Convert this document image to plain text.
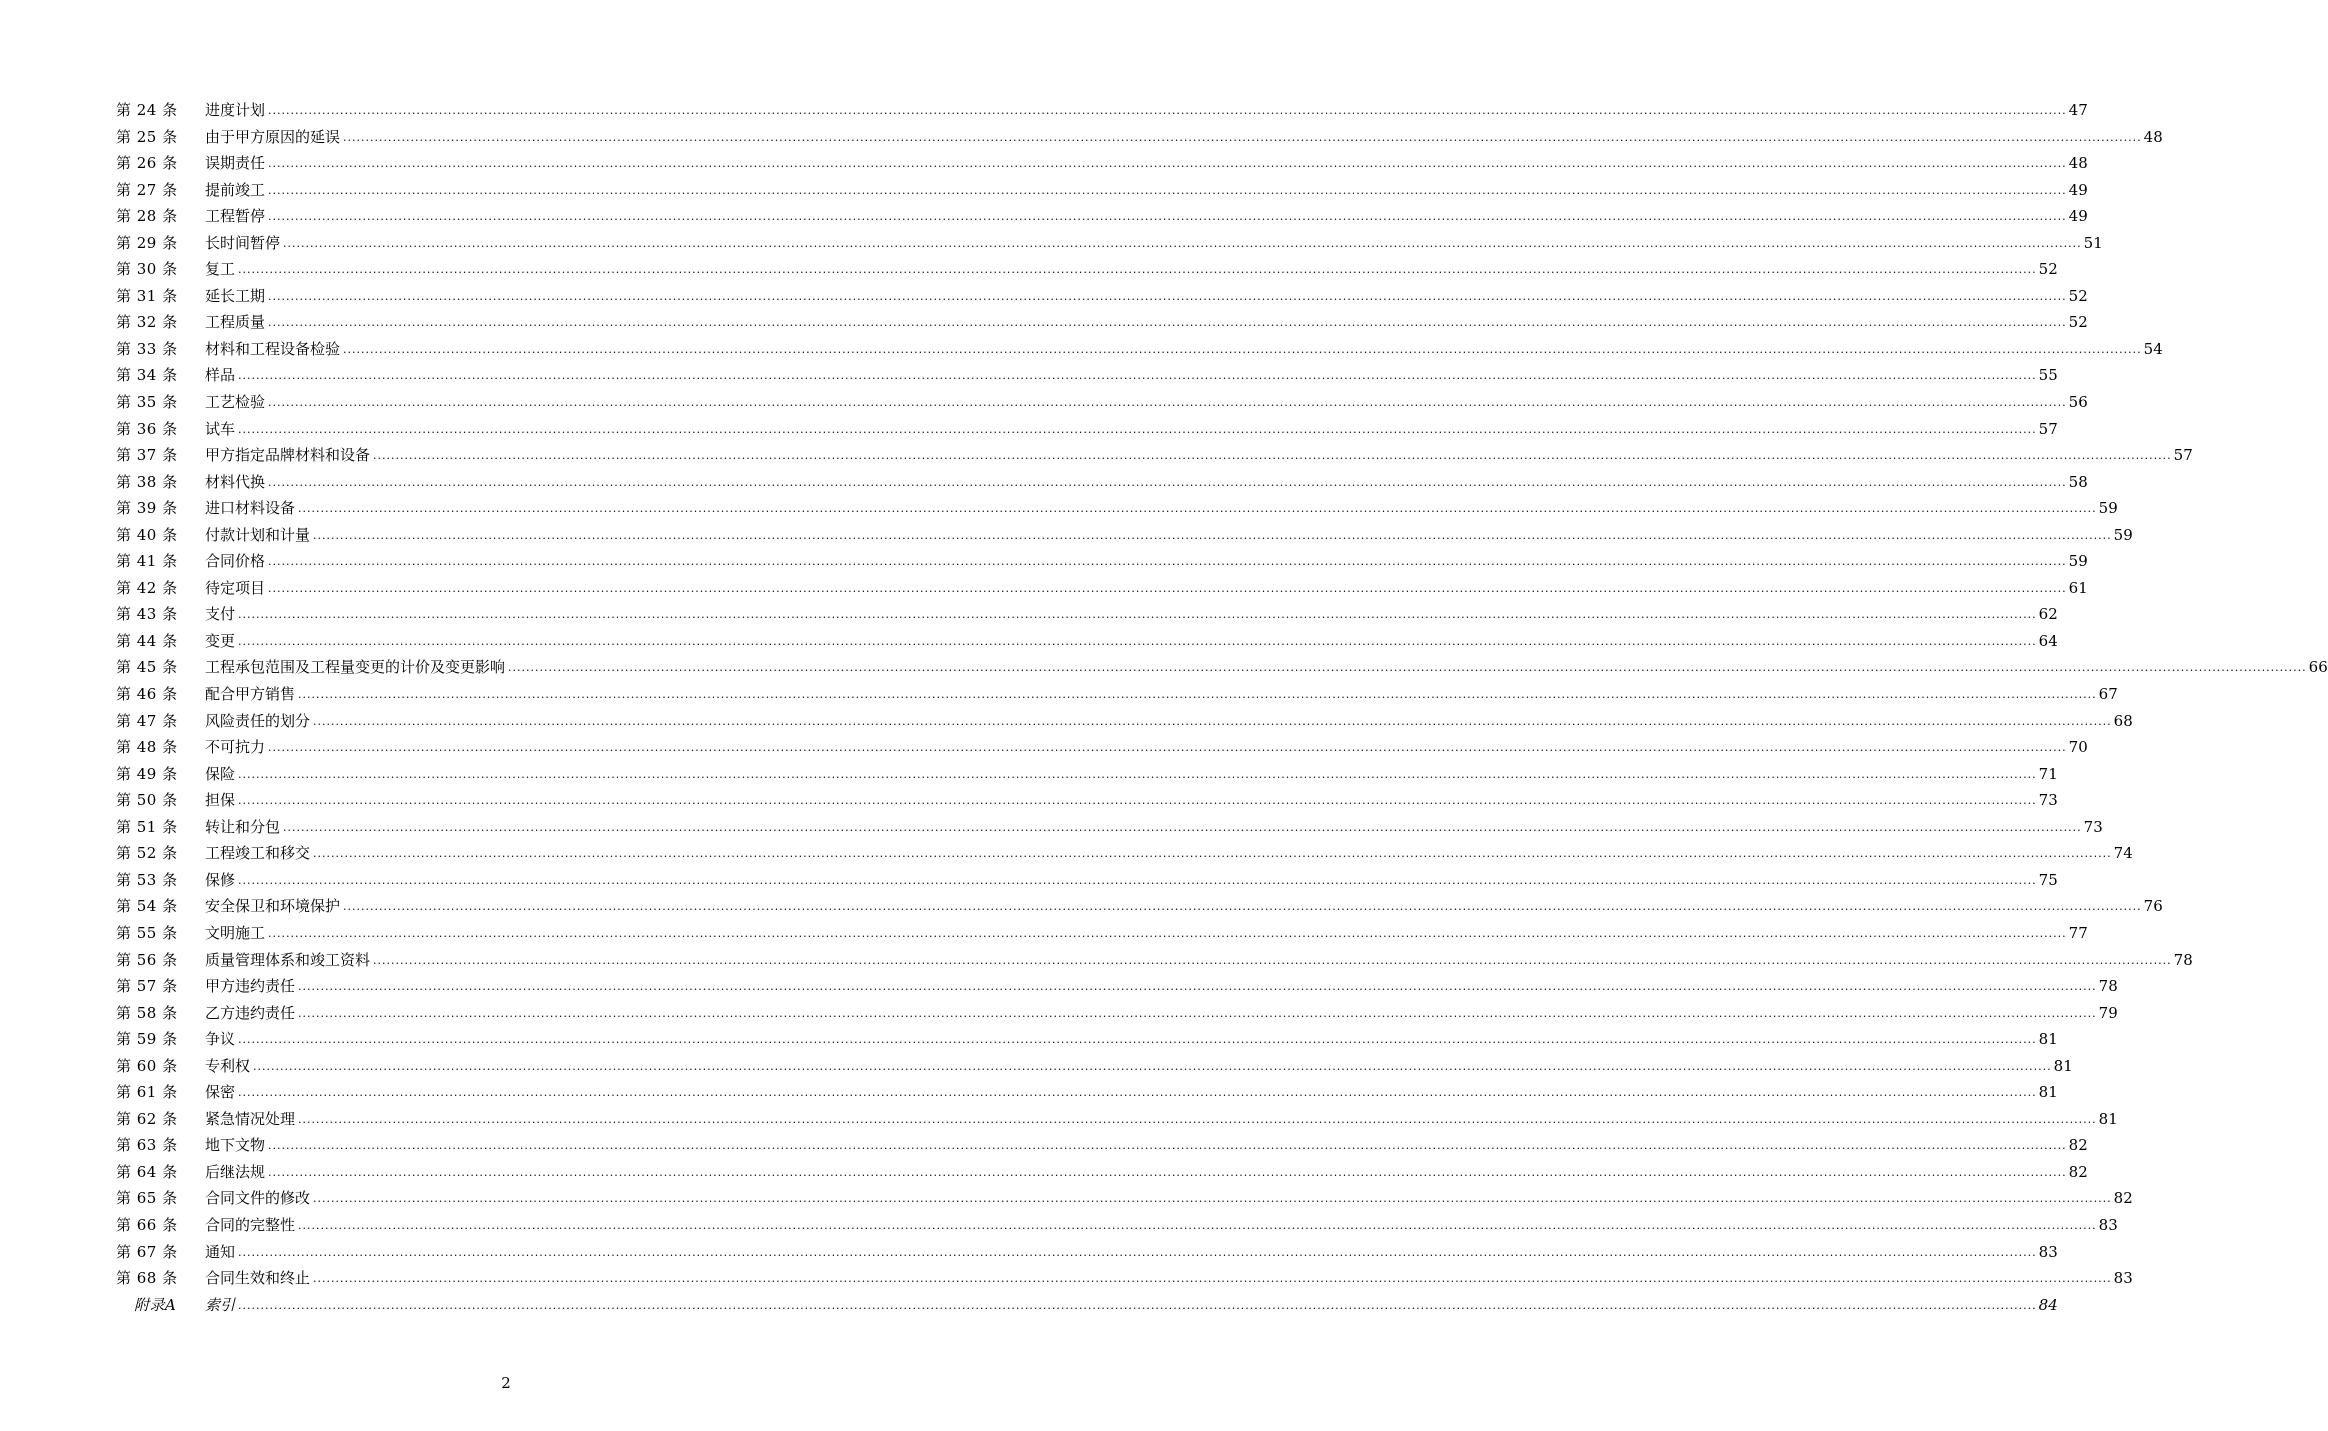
第 24 条	进度计划 ................................................................................................................................................................................................................................................................................................................................................................................................................ 47
第 25 条	由于甲方原因的延误 ................................................................................................................................................................................................................................................................................................................................................................................................................ 48
第 26 条	误期责任 ................................................................................................................................................................................................................................................................................................................................................................................................................ 48
第 27 条	提前竣工 ................................................................................................................................................................................................................................................................................................................................................................................................................ 49
第 28 条	工程暂停 ................................................................................................................................................................................................................................................................................................................................................................................................................ 49
第 29 条	长时间暂停 ................................................................................................................................................................................................................................................................................................................................................................................................................ 51
第 30 条	复工 ................................................................................................................................................................................................................................................................................................................................................................................................................ 52
第 31 条	延长工期 ................................................................................................................................................................................................................................................................................................................................................................................................................ 52
第 32 条	工程质量 ................................................................................................................................................................................................................................................................................................................................................................................................................ 52
第 33 条	材料和工程设备检验 ................................................................................................................................................................................................................................................................................................................................................................................................................ 54
第 34 条	样品 ................................................................................................................................................................................................................................................................................................................................................................................................................ 55
第 35 条	工艺检验 ................................................................................................................................................................................................................................................................................................................................................................................................................ 56
第 36 条	试车 ................................................................................................................................................................................................................................................................................................................................................................................................................ 57
第 37 条	甲方指定品牌材料和设备 ................................................................................................................................................................................................................................................................................................................................................................................................................ 57
第 38 条	材料代换 ................................................................................................................................................................................................................................................................................................................................................................................................................ 58
第 39 条	进口材料设备 ................................................................................................................................................................................................................................................................................................................................................................................................................ 59
第 40 条	付款计划和计量 ................................................................................................................................................................................................................................................................................................................................................................................................................ 59
第 41 条	合同价格 ................................................................................................................................................................................................................................................................................................................................................................................................................ 59
第 42 条	待定项目 ................................................................................................................................................................................................................................................................................................................................................................................................................ 61
第 43 条	支付 ................................................................................................................................................................................................................................................................................................................................................................................................................ 62
第 44 条	变更 ................................................................................................................................................................................................................................................................................................................................................................................................................ 64
第 45 条	工程承包范围及工程量变更的计价及变更影响 ................................................................................................................................................................................................................................................................................................................................................................................................................ 66
第 46 条	配合甲方销售 ................................................................................................................................................................................................................................................................................................................................................................................................................ 67
第 47 条	风险责任的划分 ................................................................................................................................................................................................................................................................................................................................................................................................................ 68
第 48 条	不可抗力 ................................................................................................................................................................................................................................................................................................................................................................................................................ 70
第 49 条	保险 ................................................................................................................................................................................................................................................................................................................................................................................................................ 71
第 50 条	担保 ................................................................................................................................................................................................................................................................................................................................................................................................................ 73
第 51 条	转让和分包 ................................................................................................................................................................................................................................................................................................................................................................................................................ 73
第 52 条	工程竣工和移交 ................................................................................................................................................................................................................................................................................................................................................................................................................ 74
第 53 条	保修 ................................................................................................................................................................................................................................................................................................................................................................................................................ 75
第 54 条	安全保卫和环境保护 ................................................................................................................................................................................................................................................................................................................................................................................................................ 76
第 55 条	文明施工 ................................................................................................................................................................................................................................................................................................................................................................................................................ 77
第 56 条	质量管理体系和竣工资料 ................................................................................................................................................................................................................................................................................................................................................................................................................ 78
第 57 条	甲方违约责任 ................................................................................................................................................................................................................................................................................................................................................................................................................ 78
第 58 条	乙方违约责任 ................................................................................................................................................................................................................................................................................................................................................................................................................ 79
第 59 条	争议 ................................................................................................................................................................................................................................................................................................................................................................................................................ 81
第 60 条	专利权 ................................................................................................................................................................................................................................................................................................................................................................................................................ 81
第 61 条	保密 ................................................................................................................................................................................................................................................................................................................................................................................................................ 81
第 62 条	紧急情况处理 ................................................................................................................................................................................................................................................................................................................................................................................................................ 81
第 63 条	地下文物 ................................................................................................................................................................................................................................................................................................................................................................................................................ 82
第 64 条	后继法规 ................................................................................................................................................................................................................................................................................................................................................................................................................ 82
第 65 条	合同文件的修改 ................................................................................................................................................................................................................................................................................................................................................................................................................ 82
第 66 条	合同的完整性 ................................................................................................................................................................................................................................................................................................................................................................................................................ 83
第 67 条	通知 ................................................................................................................................................................................................................................................................................................................................................................................................................ 83
第 68 条	合同生效和终止 ................................................................................................................................................................................................................................................................................................................................................................................................................ 83
附录A	索引 ................................................................................................................................................................................................................................................................................................................................................................................................................ 84
2
